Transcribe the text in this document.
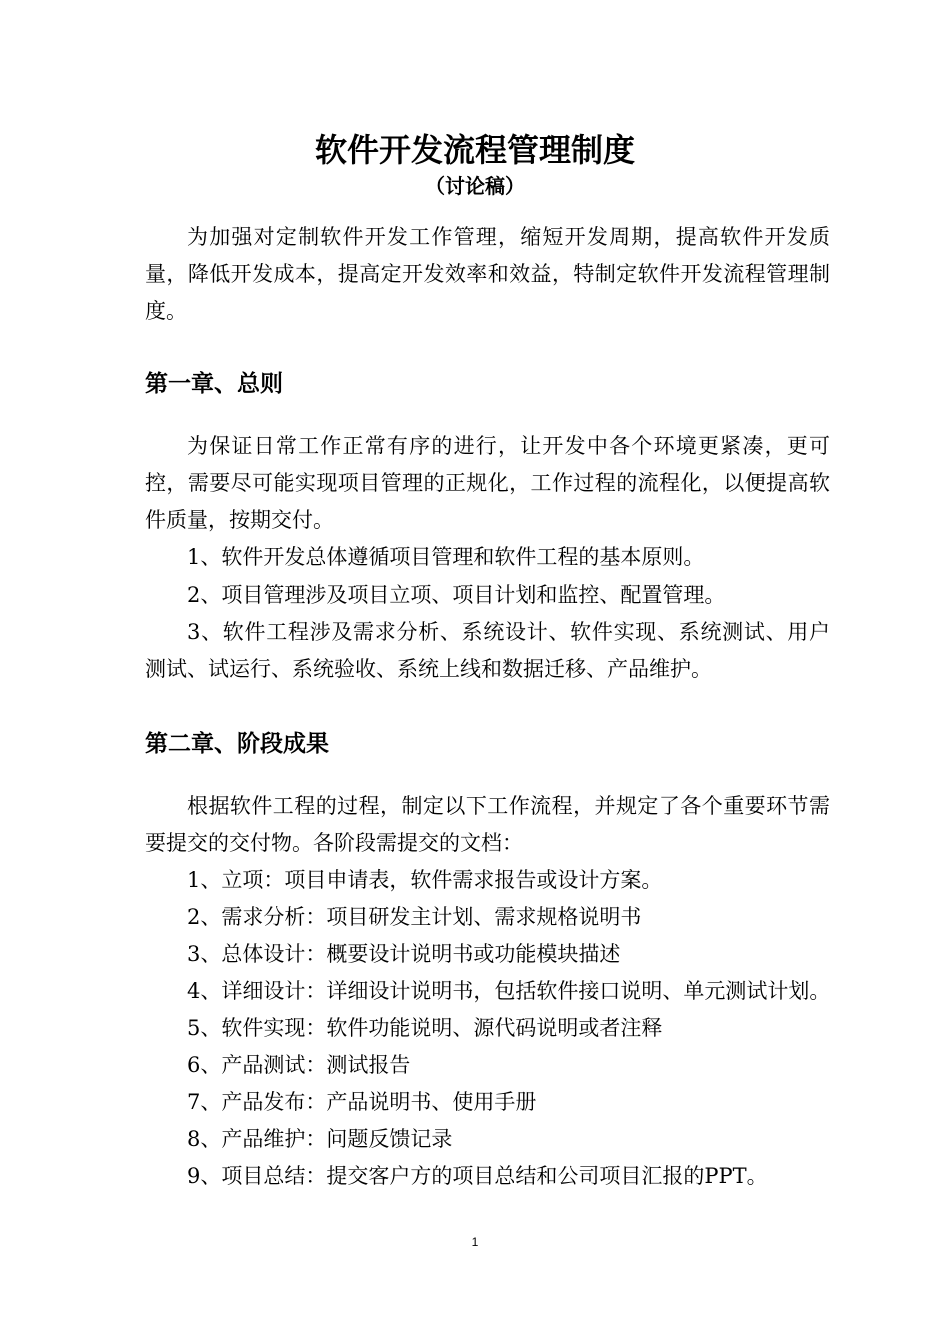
软件开发流程管理制度
（讨论稿）

为加强对定制软件开发工作管理，缩短开发周期，提高软件开发质量，降低开发成本，提高定开发效率和效益，特制定软件开发流程管理制度。

第一章、总则

为保证日常工作正常有序的进行，让开发中各个环境更紧凑，更可控，需要尽可能实现项目管理的正规化，工作过程的流程化，以便提高软件质量，按期交付。

1、软件开发总体遵循项目管理和软件工程的基本原则。

2、项目管理涉及项目立项、项目计划和监控、配置管理。

3、软件工程涉及需求分析、系统设计、软件实现、系统测试、用户测试、试运行、系统验收、系统上线和数据迁移、产品维护。

第二章、阶段成果

根据软件工程的过程，制定以下工作流程，并规定了各个重要环节需要提交的交付物。各阶段需提交的文档：

1、立项：项目申请表，软件需求报告或设计方案。

2、需求分析：项目研发主计划、需求规格说明书

3、总体设计：概要设计说明书或功能模块描述

4、详细设计：详细设计说明书，包括软件接口说明、单元测试计划。

5、软件实现：软件功能说明、源代码说明或者注释

6、产品测试：测试报告

7、产品发布：产品说明书、使用手册

8、产品维护：问题反馈记录

9、项目总结：提交客户方的项目总结和公司项目汇报的PPT。

1
